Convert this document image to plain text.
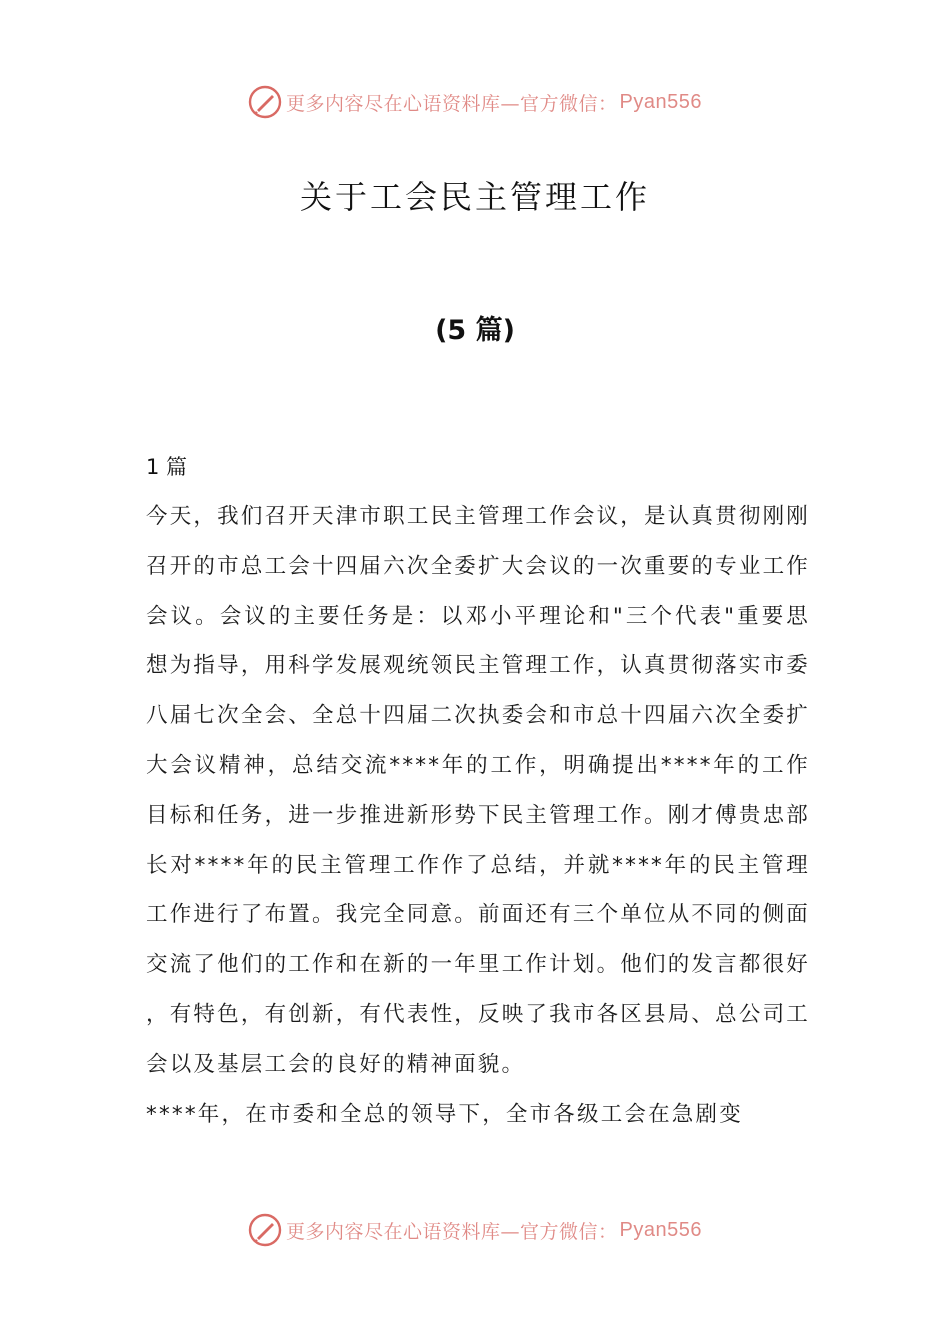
更多内容尽在心语资料库—官方微信： Pyan556
关于工会民主管理工作
(5 篇)

1 篇

今天，我们召开天津市职工民主管理工作会议，是认真贯彻刚刚召开的市总工会十四届六次全委扩大会议的一次重要的专业工作会议。会议的主要任务是：以邓小平理论和"三个代表"重要思想为指导，用科学发展观统领民主管理工作，认真贯彻落实市委八届七次全会、全总十四届二次执委会和市总十四届六次全委扩大会议精神，总结交流****年的工作，明确提出****年的工作目标和任务，进一步推进新形势下民主管理工作。刚才傅贵忠部长对****年的民主管理工作作了总结，并就****年的民主管理工作进行了布置。我完全同意。前面还有三个单位从不同的侧面交流了他们的工作和在新的一年里工作计划。他们的发言都很好，有特色，有创新，有代表性，反映了我市各区县局、总公司工会以及基层工会的良好的精神面貌。

****年，在市委和全总的领导下，全市各级工会在急剧变

更多内容尽在心语资料库—官方微信： Pyan556
